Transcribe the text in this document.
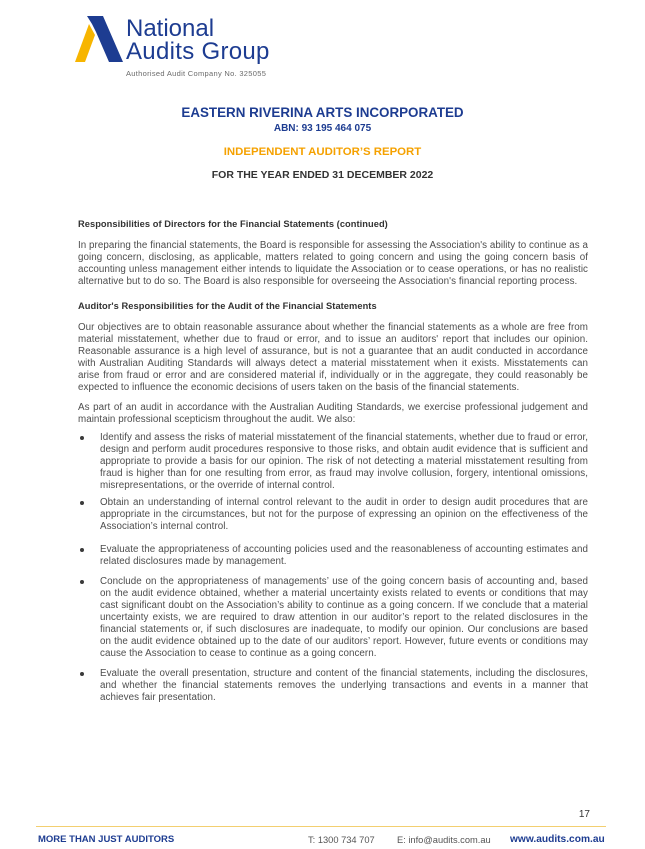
National
Audits Group
Authorised Audit Company No. 325055
EASTERN RIVERINA ARTS INCORPORATED
ABN: 93 195 464 075
INDEPENDENT AUDITOR’S REPORT
FOR THE YEAR ENDED 31 DECEMBER 2022
Responsibilities of Directors for the Financial Statements (continued)

In preparing the financial statements, the Board is responsible for assessing the Association's ability to continue as a going concern, disclosing, as applicable, matters related to going concern and using the going concern basis of accounting unless management either intends to liquidate the Association or to cease operations, or has no realistic alternative but to do so. The Board is also responsible for overseeing the Association's financial reporting process.

Auditor's Responsibilities for the Audit of the Financial Statements

Our objectives are to obtain reasonable assurance about whether the financial statements as a whole are free from material misstatement, whether due to fraud or error, and to issue an auditors' report that includes our opinion. Reasonable assurance is a high level of assurance, but is not a guarantee that an audit conducted in accordance with Australian Auditing Standards will always detect a material misstatement when it exists. Misstatements can arise from fraud or error and are considered material if, individually or in the aggregate, they could reasonably be expected to influence the economic decisions of users taken on the basis of the financial statements.

As part of an audit in accordance with the Australian Auditing Standards, we exercise professional judgement and maintain professional scepticism throughout the audit. We also:

Identify and assess the risks of material misstatement of the financial statements, whether due to fraud or error, design and perform audit procedures responsive to those risks, and obtain audit evidence that is sufficient and appropriate to provide a basis for our opinion. The risk of not detecting a material misstatement resulting from fraud is higher than for one resulting from error, as fraud may involve collusion, forgery, intentional omissions, misrepresentations, or the override of internal control.
Obtain an understanding of internal control relevant to the audit in order to design audit procedures that are appropriate in the circumstances, but not for the purpose of expressing an opinion on the effectiveness of the Association’s internal control.
Evaluate the appropriateness of accounting policies used and the reasonableness of accounting estimates and related disclosures made by management.
Conclude on the appropriateness of managements’ use of the going concern basis of accounting and, based on the audit evidence obtained, whether a material uncertainty exists related to events or conditions that may cast significant doubt on the Association’s ability to continue as a going concern. If we conclude that a material uncertainty exists, we are required to draw attention in our auditor’s report to the related disclosures in the financial statements or, if such disclosures are inadequate, to modify our opinion. Our conclusions are based on the audit evidence obtained up to the date of our auditors’ report. However, future events or conditions may cause the Association to cease to continue as a going concern.
Evaluate the overall presentation, structure and content of the financial statements, including the disclosures, and whether the financial statements removes the underlying transactions and events in a manner that achieves fair presentation.
17
MORE THAN JUST AUDITORS	T: 1300 734 707 E: info@audits.com.au www.audits.com.au
